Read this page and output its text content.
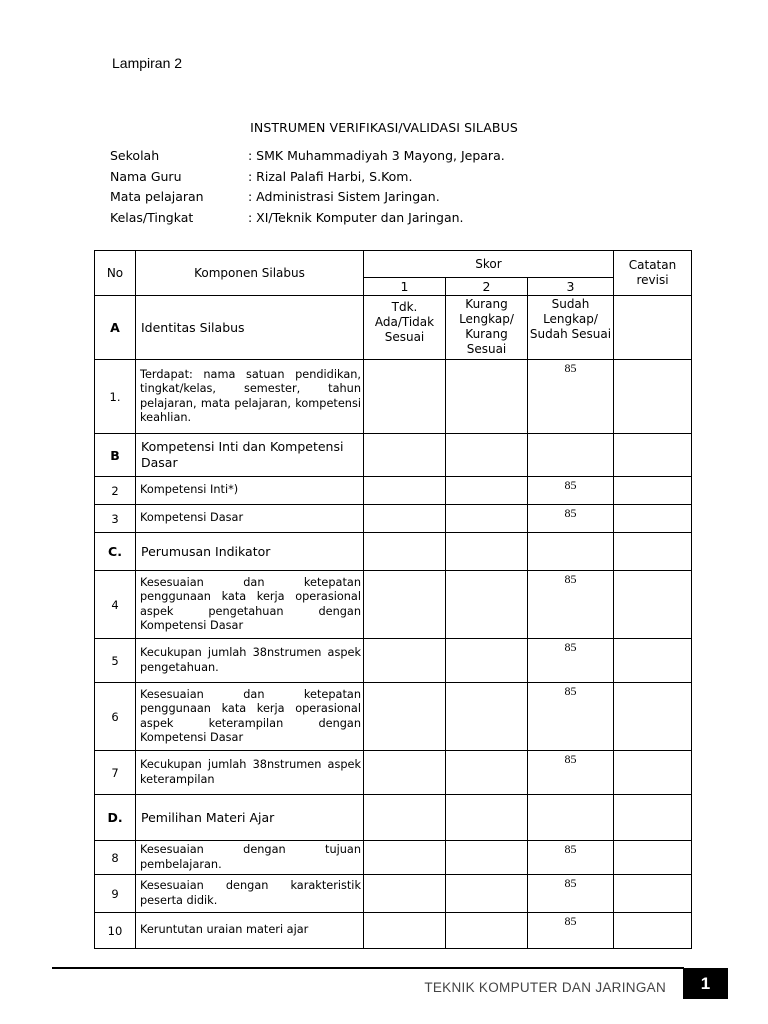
Lampiran 2
INSTRUMEN VERIFIKASI/VALIDASI SILABUS
Sekolah	: SMK Muhammadiyah 3 Mayong, Jepara.
Nama Guru	: Rizal Palafi Harbi, S.Kom.
Mata pelajaran	: Administrasi Sistem Jaringan.
Kelas/Tingkat	: XI/Teknik Komputer dan Jaringan.
No	Komponen Silabus	Skor			Catatan revisi
		1	2	3	
A	Identitas Silabus	Tdk. Ada/Tidak Sesuai	Kurang Lengkap/ Kurang Sesuai	Sudah Lengkap/ Sudah Sesuai	
1.	Terdapat: nama satuan pendidikan, tingkat/kelas, semester, tahun pelajaran, mata pelajaran, kompetensi keahlian.			85	
B	Kompetensi Inti dan Kompetensi Dasar				
2	Kompetensi Inti*)			85	
3	Kompetensi Dasar			85	
C.	Perumusan Indikator				
4	Kesesuaian dan ketepatan penggunaan kata kerja operasional aspek pengetahuan dengan Kompetensi Dasar			85	
5	Kecukupan jumlah 38nstrumen aspek pengetahuan.			85	
6	Kesesuaian dan ketepatan penggunaan kata kerja operasional aspek keterampilan dengan Kompetensi Dasar			85	
7	Kecukupan jumlah 38nstrumen aspek keterampilan			85	
D.	Pemilihan Materi Ajar				
8	Kesesuaian dengan tujuan pembelajaran.			85	
9	Kesesuaian dengan karakteristik peserta didik.			85	
10	Keruntutan uraian materi ajar			85	
TEKNIK KOMPUTER DAN JARINGAN	1
